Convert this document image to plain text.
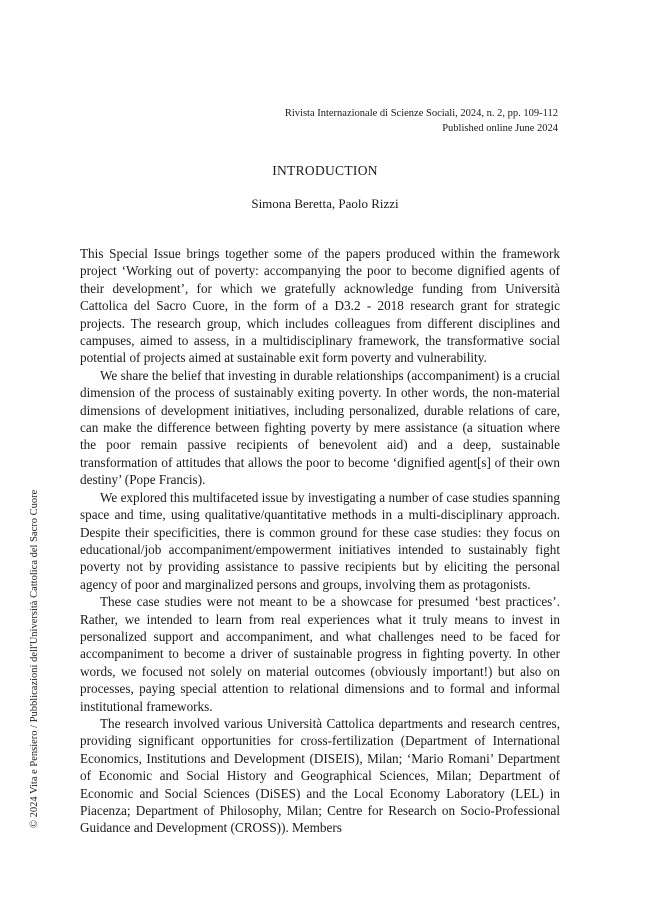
Rivista Internazionale di Scienze Sociali, 2024, n. 2, pp. 109-112
Published online June 2024
INTRODUCTION
Simona Beretta, Paolo Rizzi

This Special Issue brings together some of the papers produced within the framework project ‘Working out of poverty: accompanying the poor to become dignified agents of their development’, for which we gratefully acknowledge funding from Università Cattolica del Sacro Cuore, in the form of a D3.2 - 2018 research grant for strategic projects. The research group, which includes colleagues from different disciplines and campuses, aimed to assess, in a multidisciplinary framework, the transformative social potential of projects aimed at sustainable exit form poverty and vulnerability.

We share the belief that investing in durable relationships (accompaniment) is a crucial dimension of the process of sustainably exiting poverty. In other words, the non-material dimensions of development initiatives, including personalized, durable relations of care, can make the difference between fighting poverty by mere assistance (a situation where the poor remain passive recipients of benevolent aid) and a deep, sustainable transformation of attitudes that allows the poor to become ‘dignified agent[s] of their own destiny’ (Pope Francis).

We explored this multifaceted issue by investigating a number of case studies spanning space and time, using qualitative/quantitative methods in a multi-disciplinary approach. Despite their specificities, there is common ground for these case studies: they focus on educational/job accompaniment/empowerment initiatives intended to sustainably fight poverty not by providing assistance to passive recipients but by eliciting the personal agency of poor and marginalized persons and groups, involving them as protagonists.

These case studies were not meant to be a showcase for presumed ‘best practices’. Rather, we intended to learn from real experiences what it truly means to invest in personalized support and accompaniment, and what challenges need to be faced for accompaniment to become a driver of sustainable progress in fighting poverty. In other words, we focused not solely on material outcomes (obviously important!) but also on processes, paying special attention to relational dimensions and to formal and informal institutional frameworks.

The research involved various Università Cattolica departments and research centres, providing significant opportunities for cross-fertilization (Department of International Economics, Institutions and Development (DISEIS), Milan; ‘Mario Romani’ Department of Economic and Social History and Geographical Sciences, Milan; Department of Economic and Social Sciences (DiSES) and the Local Economy Laboratory (LEL) in Piacenza; Department of Philosophy, Milan; Centre for Research on Socio-Professional Guidance and Development (CROSS)). Members

© 2024 Vita e Pensiero / Pubblicazioni dell'Università Cattolica del Sacro Cuore
